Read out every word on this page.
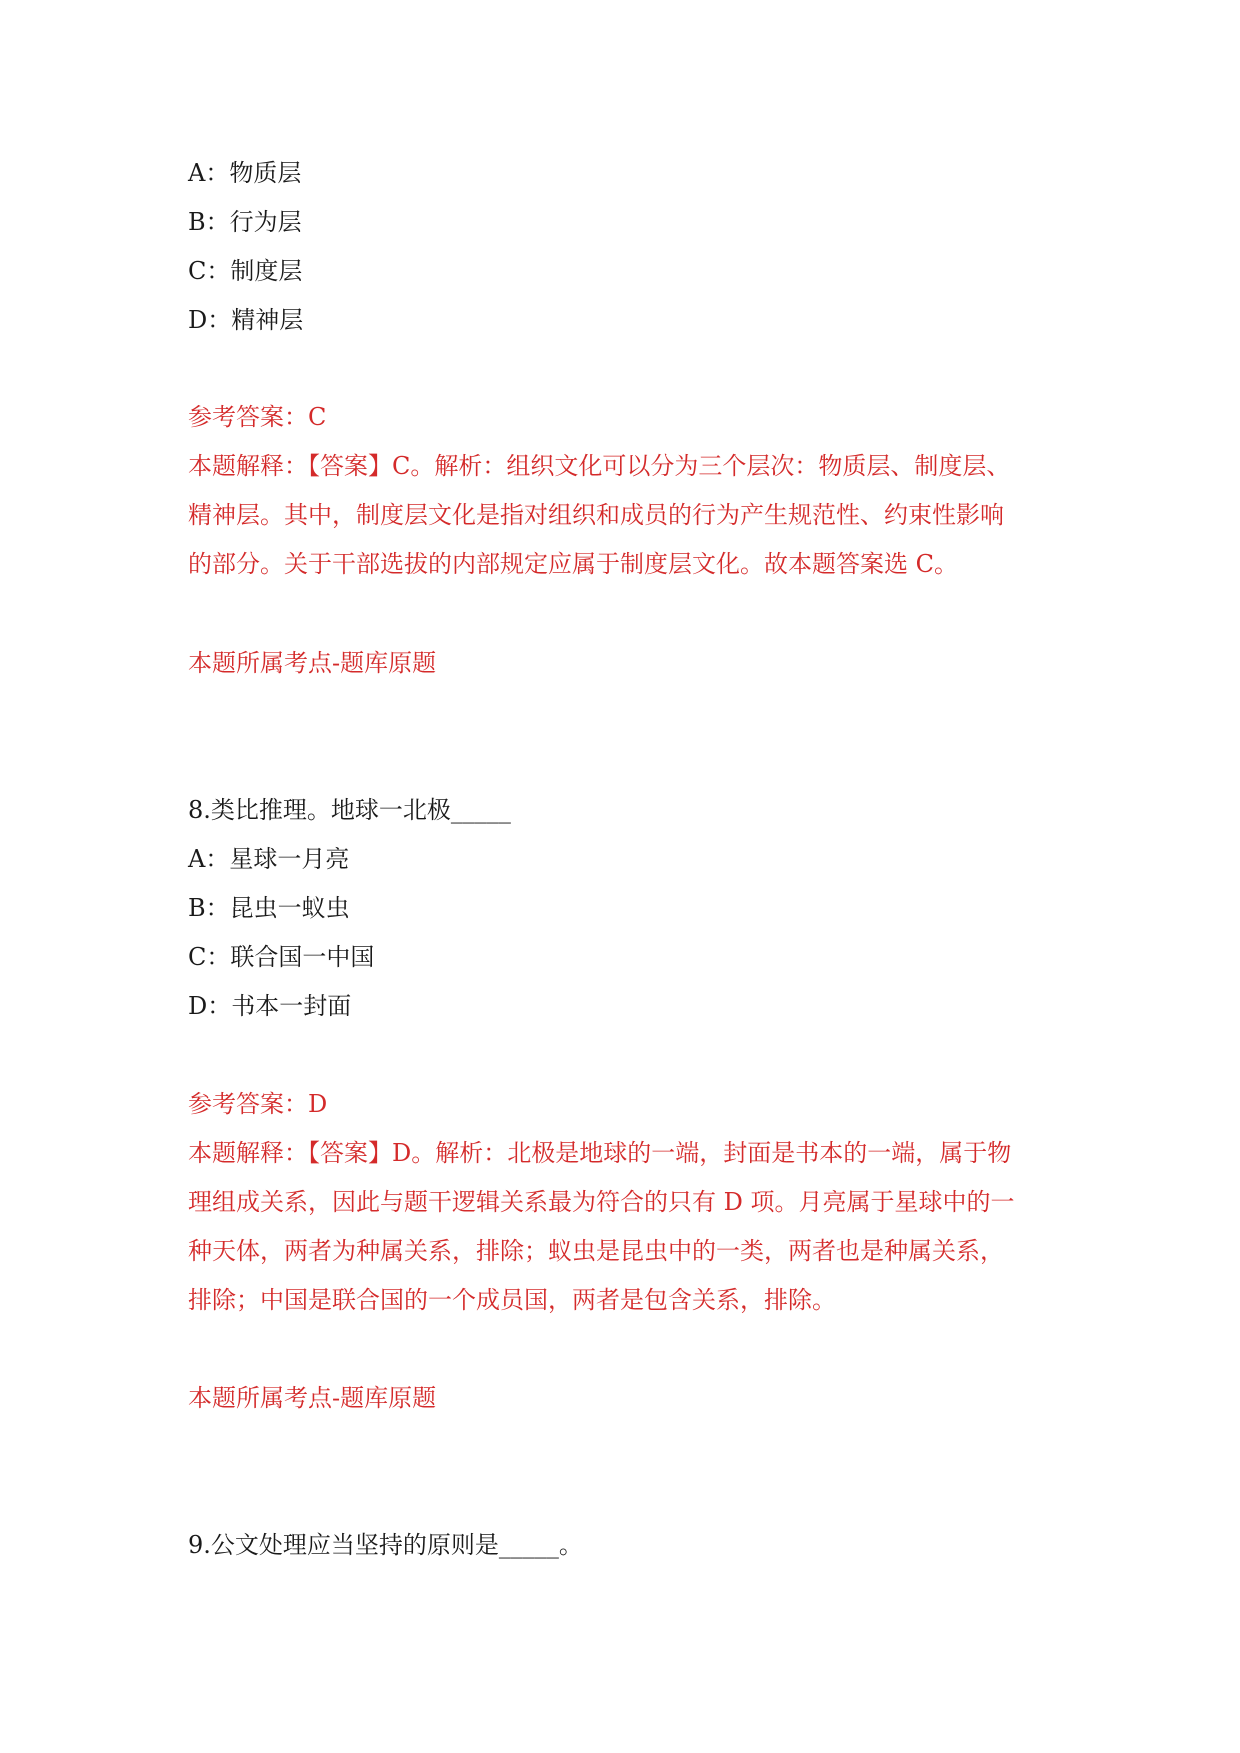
A：物质层
B：行为层
C：制度层
D：精神层
参考答案：C
本题解释：【答案】C。解析：组织文化可以分为三个层次：物质层、制度层、
精神层。其中，制度层文化是指对组织和成员的行为产生规范性、约束性影响
的部分。关于干部选拔的内部规定应属于制度层文化。故本题答案选 C。
本题所属考点-题库原题
8.类比推理。地球一北极_____
A：星球一月亮
B：昆虫一蚁虫
C：联合国一中国
D：书本一封面
参考答案：D
本题解释：【答案】D。解析：北极是地球的一端，封面是书本的一端，属于物
理组成关系，因此与题干逻辑关系最为符合的只有 D 项。月亮属于星球中的一
种天体，两者为种属关系，排除；蚁虫是昆虫中的一类，两者也是种属关系，
排除；中国是联合国的一个成员国，两者是包含关系，排除。
本题所属考点-题库原题
9.公文处理应当坚持的原则是_____。
